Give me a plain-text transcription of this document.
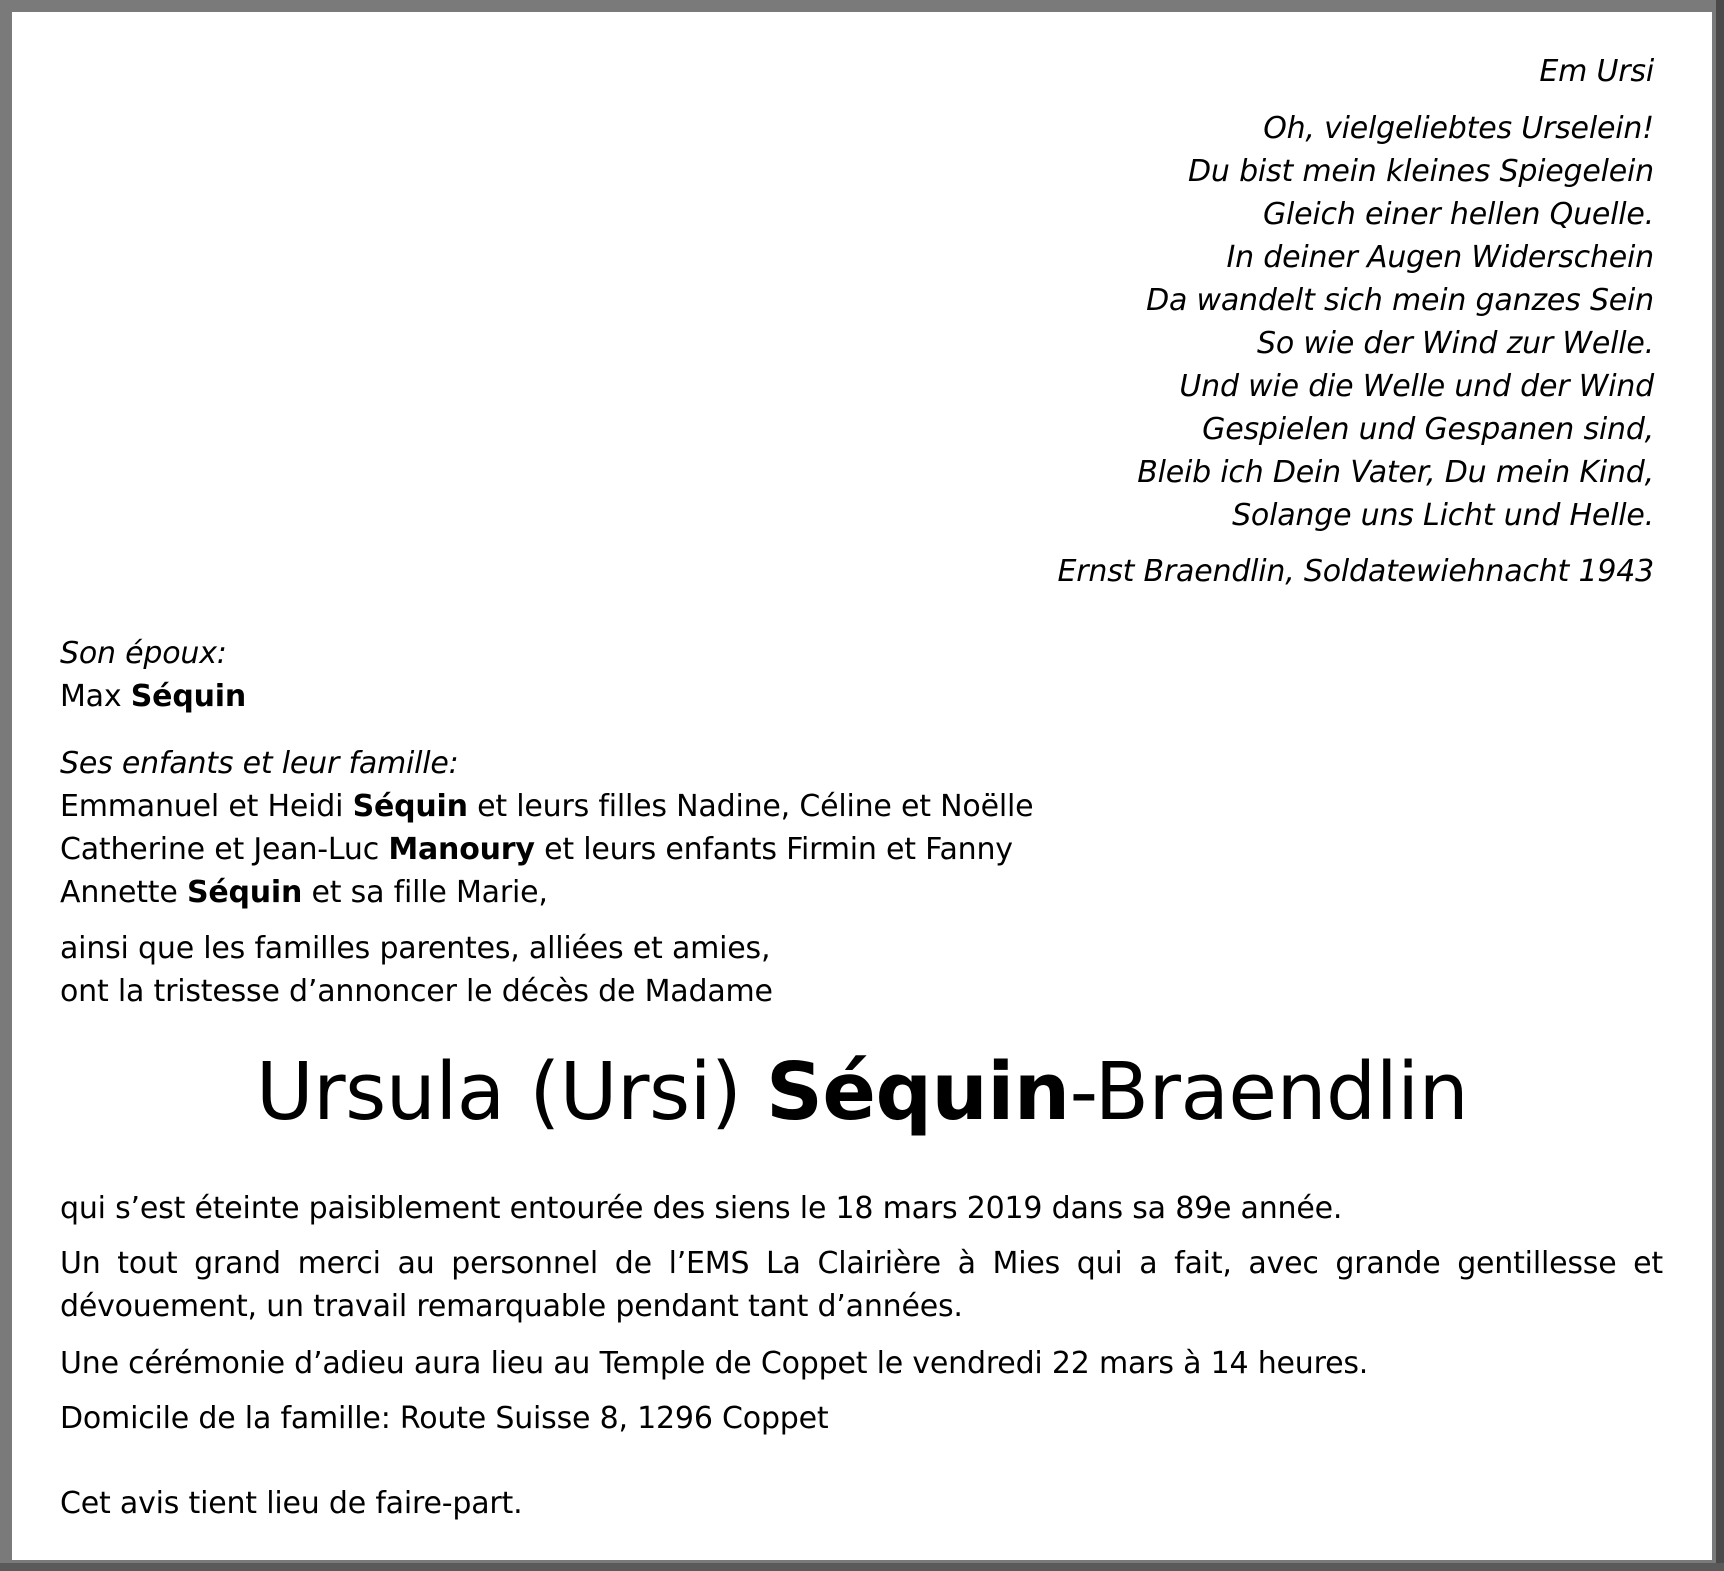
Em Ursi
Oh, vielgeliebtes Urselein!
Du bist mein kleines Spiegelein
Gleich einer hellen Quelle.
In deiner Augen Widerschein
Da wandelt sich mein ganzes Sein
So wie der Wind zur Welle.
Und wie die Welle und der Wind
Gespielen und Gespanen sind,
Bleib ich Dein Vater, Du mein Kind,
Solange uns Licht und Helle.
Ernst Braendlin, Soldatewiehnacht 1943
Son époux:
Max Séquin
Ses enfants et leur famille:
Emmanuel et Heidi Séquin et leurs filles Nadine, Céline et Noëlle
Catherine et Jean-Luc Manoury et leurs enfants Firmin et Fanny
Annette Séquin et sa fille Marie,
ainsi que les familles parentes, alliées et amies,
ont la tristesse d’annoncer le décès de Madame
Ursula (Ursi) Séquin-Braendlin
qui s’est éteinte paisiblement entourée des siens le 18 mars 2019 dans sa 89e année.
Un tout grand merci au personnel de l’EMS La Clairière à Mies qui a fait, avec grande gentillesse et dévouement, un travail remarquable pendant tant d’années.
Une cérémonie d’adieu aura lieu au Temple de Coppet le vendredi 22 mars à 14 heures.
Domicile de la famille: Route Suisse 8, 1296 Coppet
Cet avis tient lieu de faire-part.
